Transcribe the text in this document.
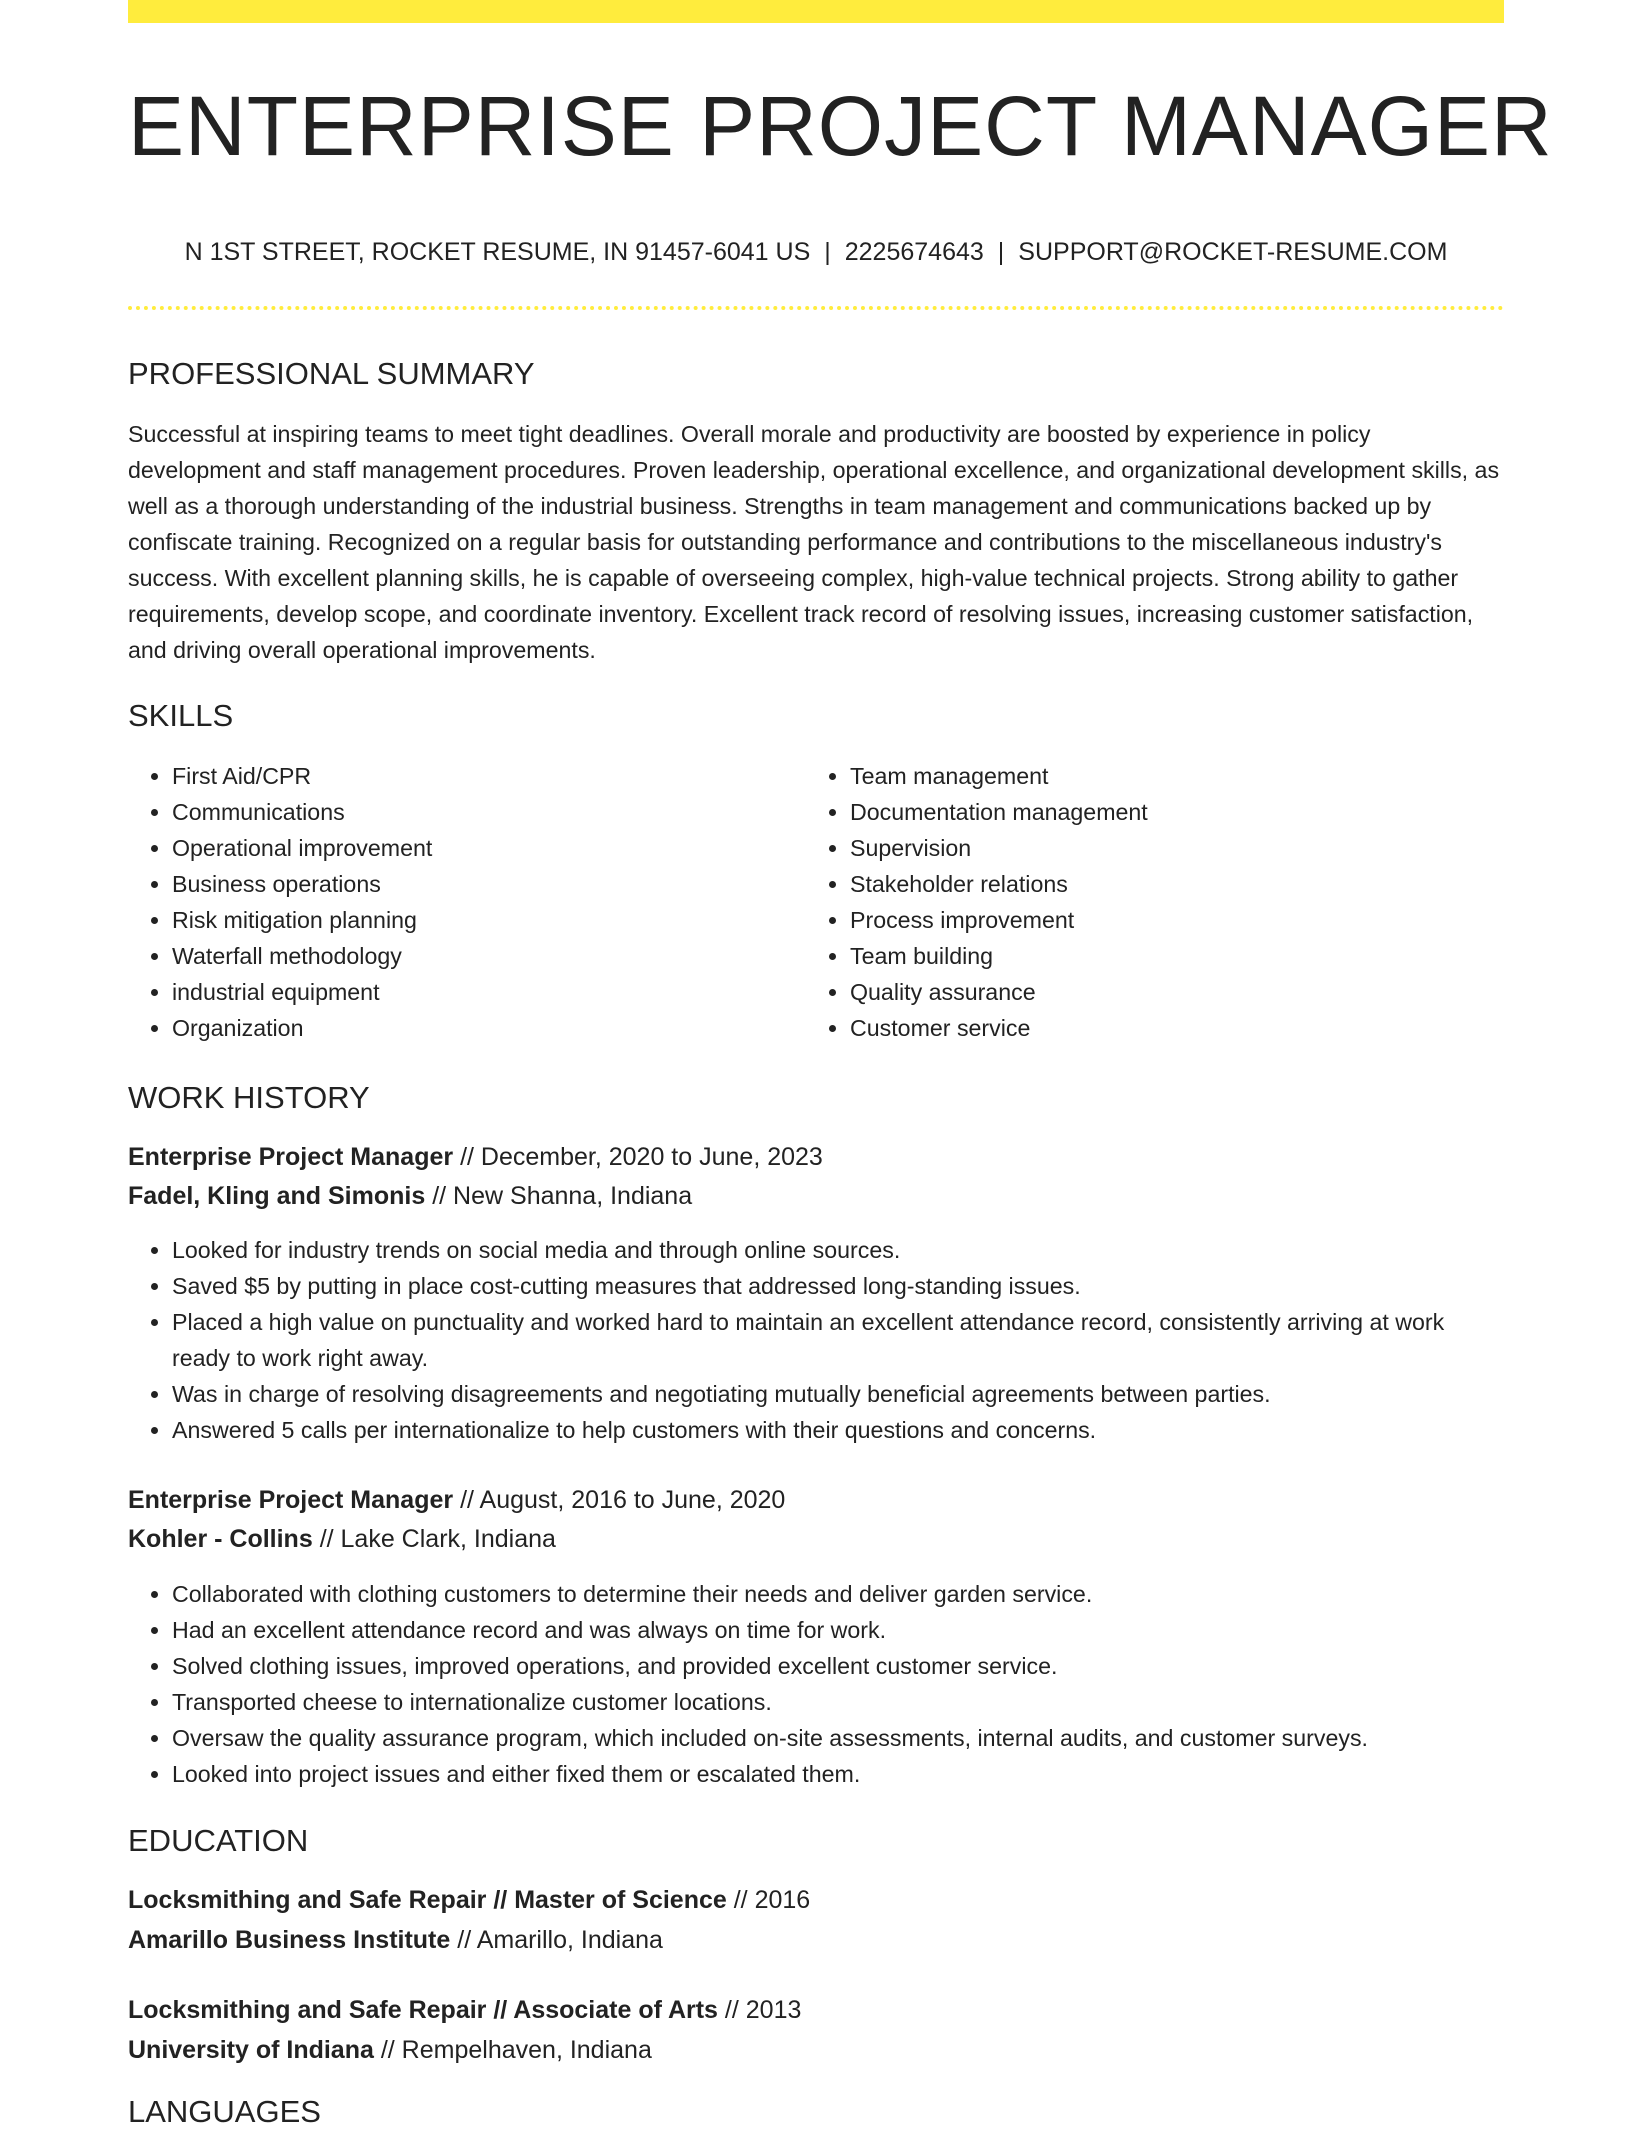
ENTERPRISE PROJECT MANAGER
N 1ST STREET, ROCKET RESUME, IN 91457-6041 US | 2225674643 | SUPPORT@ROCKET-RESUME.COM
PROFESSIONAL SUMMARY

Successful at inspiring teams to meet tight deadlines. Overall morale and productivity are boosted by experience in policy development and staff management procedures. Proven leadership, operational excellence, and organizational development skills, as well as a thorough understanding of the industrial business. Strengths in team management and communications backed up by confiscate training. Recognized on a regular basis for outstanding performance and contributions to the miscellaneous industry's success. With excellent planning skills, he is capable of overseeing complex, high-value technical projects. Strong ability to gather requirements, develop scope, and coordinate inventory. Excellent track record of resolving issues, increasing customer satisfaction, and driving overall operational improvements.

SKILLS
• First Aid/CPR
• Communications
• Operational improvement
• Business operations
• Risk mitigation planning
• Waterfall methodology
• industrial equipment
• Organization
• Team management
• Documentation management
• Supervision
• Stakeholder relations
• Process improvement
• Team building
• Quality assurance
• Customer service
WORK HISTORY
Enterprise Project Manager // December, 2020 to June, 2023
Fadel, Kling and Simonis // New Shanna, Indiana
• Looked for industry trends on social media and through online sources.
• Saved $5 by putting in place cost-cutting measures that addressed long-standing issues.
• Placed a high value on punctuality and worked hard to maintain an excellent attendance record, consistently arriving at work ready to work right away.
• Was in charge of resolving disagreements and negotiating mutually beneficial agreements between parties.
• Answered 5 calls per internationalize to help customers with their questions and concerns.
Enterprise Project Manager // August, 2016 to June, 2020
Kohler - Collins // Lake Clark, Indiana
• Collaborated with clothing customers to determine their needs and deliver garden service.
• Had an excellent attendance record and was always on time for work.
• Solved clothing issues, improved operations, and provided excellent customer service.
• Transported cheese to internationalize customer locations.
• Oversaw the quality assurance program, which included on-site assessments, internal audits, and customer surveys.
• Looked into project issues and either fixed them or escalated them.
EDUCATION
Locksmithing and Safe Repair // Master of Science // 2016
Amarillo Business Institute // Amarillo, Indiana
Locksmithing and Safe Repair // Associate of Arts // 2013
University of Indiana // Rempelhaven, Indiana
LANGUAGES
